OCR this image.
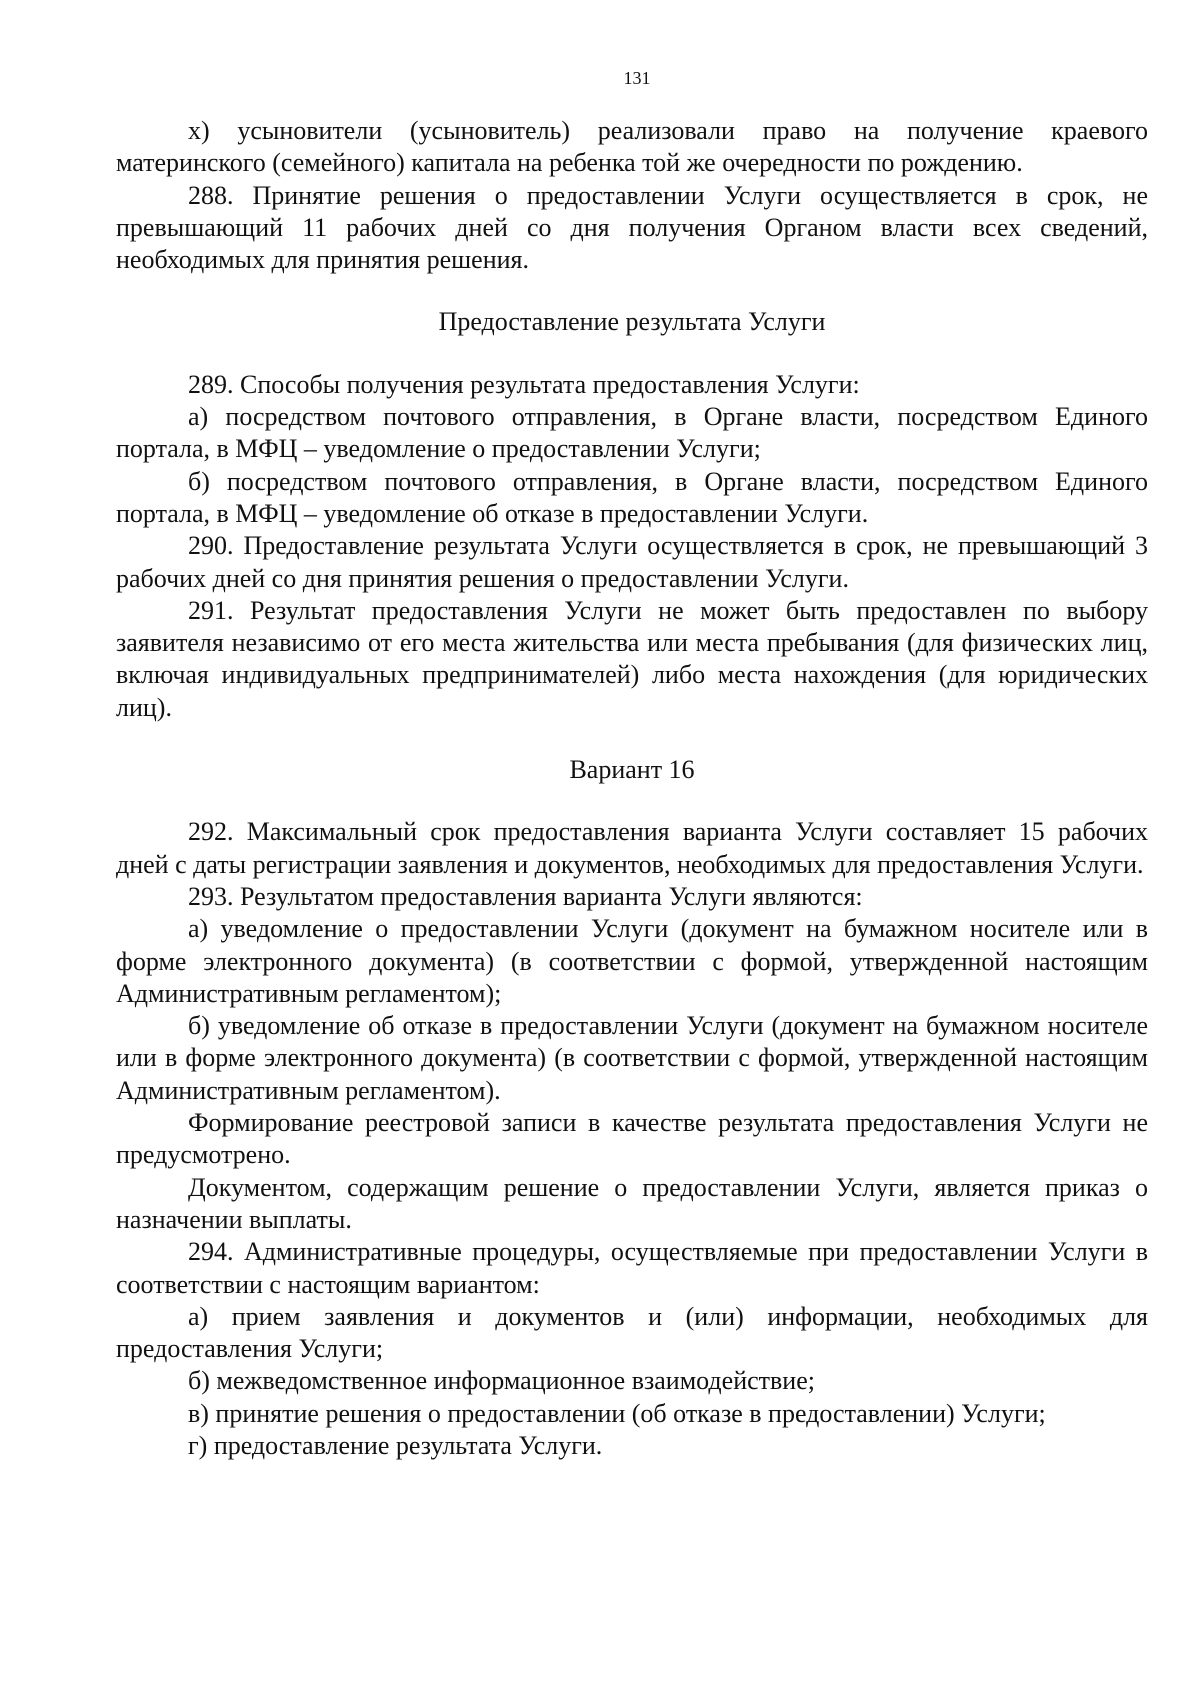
131

х) усыновители (усыновитель) реализовали право на получение краевого материнского (семейного) капитала на ребенка той же очередности по рождению.

288. Принятие решения о предоставлении Услуги осуществляется в срок, не превышающий 11 рабочих дней со дня получения Органом власти всех сведений, необходимых для принятия решения.

Предоставление результата Услуги

289. Способы получения результата предоставления Услуги:

а) посредством почтового отправления, в Органе власти, посредством Единого портала, в МФЦ – уведомление о предоставлении Услуги;

б) посредством почтового отправления, в Органе власти, посредством Единого портала, в МФЦ – уведомление об отказе в предоставлении Услуги.

290. Предоставление результата Услуги осуществляется в срок, не превышающий 3 рабочих дней со дня принятия решения о предоставлении Услуги.

291. Результат предоставления Услуги не может быть предоставлен по выбору заявителя независимо от его места жительства или места пребывания (для физических лиц, включая индивидуальных предпринимателей) либо места нахождения (для юридических лиц).

Вариант 16

292. Максимальный срок предоставления варианта Услуги составляет 15 рабочих дней с даты регистрации заявления и документов, необходимых для предоставления Услуги.

293. Результатом предоставления варианта Услуги являются:

а) уведомление о предоставлении Услуги (документ на бумажном носителе или в форме электронного документа) (в соответствии с формой, утвержденной настоящим Административным регламентом);

б) уведомление об отказе в предоставлении Услуги (документ на бумажном носителе или в форме электронного документа) (в соответствии с формой, утвержденной настоящим Административным регламентом).

Формирование реестровой записи в качестве результата предоставления Услуги не предусмотрено.

Документом, содержащим решение о предоставлении Услуги, является приказ о назначении выплаты.

294. Административные процедуры, осуществляемые при предоставлении Услуги в соответствии с настоящим вариантом:

а) прием заявления и документов и (или) информации, необходимых для предоставления Услуги;

б) межведомственное информационное взаимодействие;

в) принятие решения о предоставлении (об отказе в предоставлении) Услуги;

г) предоставление результата Услуги.
